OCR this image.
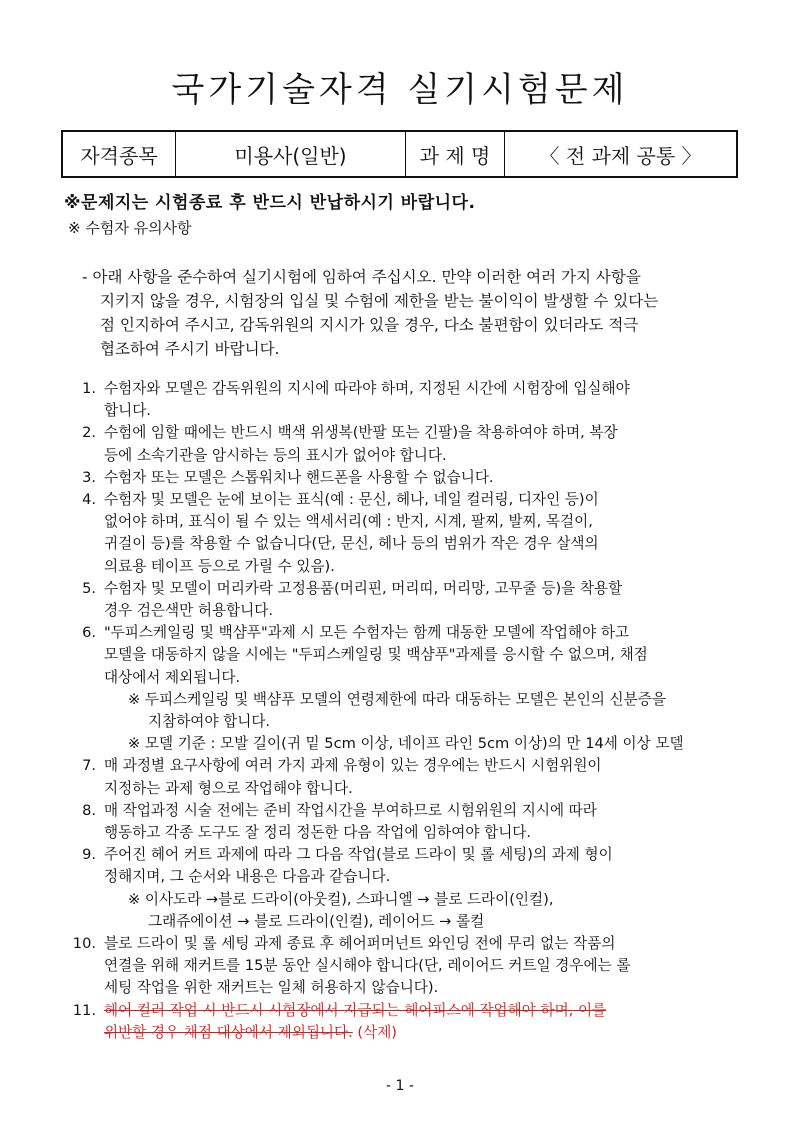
국가기술자격 실기시험문제
자격종목	미용사(일반)	과 제 명	〈 전 과제 공통 〉
※문제지는 시험종료 후 반드시 반납하시기 바랍니다.
※ 수험자 유의사항
- 아래 사항을 준수하여 실기시험에 임하여 주십시오. 만약 이러한 여러 가지 사항을
지키지 않을 경우, 시험장의 입실 및 수험에 제한을 받는 불이익이 발생할 수 있다는
점 인지하여 주시고, 감독위원의 지시가 있을 경우, 다소 불편함이 있더라도 적극
협조하여 주시기 바랍니다.
1. 수험자와 모델은 감독위원의 지시에 따라야 하며, 지정된 시간에 시험장에 입실해야
합니다.
2. 수험에 임할 때에는 반드시 백색 위생복(반팔 또는 긴팔)을 착용하여야 하며, 복장
등에 소속기관을 암시하는 등의 표시가 없어야 합니다.
3. 수험자 또는 모델은 스톱워치나 핸드폰을 사용할 수 없습니다.
4. 수험자 및 모델은 눈에 보이는 표식(예 : 문신, 헤나, 네일 컬러링, 디자인 등)이
없어야 하며, 표식이 될 수 있는 액세서리(예 : 반지, 시계, 팔찌, 발찌, 목걸이,
귀걸이 등)를 착용할 수 없습니다(단, 문신, 헤나 등의 범위가 작은 경우 살색의
의료용 테이프 등으로 가릴 수 있음).
5. 수험자 및 모델이 머리카락 고정용품(머리핀, 머리띠, 머리망, 고무줄 등)을 착용할
경우 검은색만 허용합니다.
6. "두피스케일링 및 백샴푸"과제 시 모든 수험자는 함께 대동한 모델에 작업해야 하고
모델을 대동하지 않을 시에는 "두피스케일링 및 백샴푸"과제를 응시할 수 없으며, 채점
대상에서 제외됩니다.
※ 두피스케일링 및 백샴푸 모델의 연령제한에 따라 대동하는 모델은 본인의 신분증을
지참하여야 합니다.
※ 모델 기준 : 모발 길이(귀 밑 5cm 이상, 네이프 라인 5cm 이상)의 만 14세 이상 모델
7. 매 과정별 요구사항에 여러 가지 과제 유형이 있는 경우에는 반드시 시험위원이
지정하는 과제 형으로 작업해야 합니다.
8. 매 작업과정 시술 전에는 준비 작업시간을 부여하므로 시험위원의 지시에 따라
행동하고 각종 도구도 잘 정리 정돈한 다음 작업에 임하여야 합니다.
9. 주어진 헤어 커트 과제에 따라 그 다음 작업(블로 드라이 및 롤 세팅)의 과제 형이
정해지며, 그 순서와 내용은 다음과 같습니다.
※ 이사도라 →블로 드라이(아웃컬), 스파니엘 → 블로 드라이(인컬),
그래쥬에이션 → 블로 드라이(인컬), 레이어드 → 롤컬
10. 블로 드라이 및 롤 세팅 과제 종료 후 헤어퍼머넌트 와인딩 전에 무리 없는 작품의
연결을 위해 재커트를 15분 동안 실시해야 합니다(단, 레이어드 커트일 경우에는 롤
세팅 작업을 위한 재커트는 일체 허용하지 않습니다).
11. 헤어 컬러 작업 시 반드시 시험장에서 지급되는 헤어피스에 작업해야 하며, 이를
위반할 경우 채점 대상에서 제외됩니다. (삭제)
- 1 -
